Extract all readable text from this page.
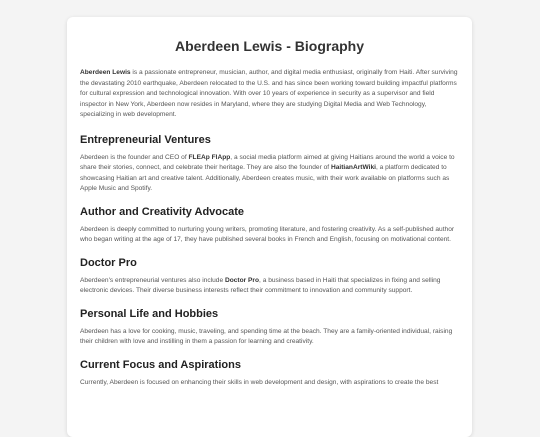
Aberdeen Lewis - Biography

Aberdeen Lewis is a passionate entrepreneur, musician, author, and digital media enthusiast, originally from Haiti. After surviving the devastating 2010 earthquake, Aberdeen relocated to the U.S. and has since been working toward building impactful platforms for cultural expression and technological innovation. With over 10 years of experience in security as a supervisor and field inspector in New York, Aberdeen now resides in Maryland, where they are studying Digital Media and Web Technology, specializing in web development.

Entrepreneurial Ventures

Aberdeen is the founder and CEO of FLEAp FlApp, a social media platform aimed at giving Haitians around the world a voice to share their stories, connect, and celebrate their heritage. They are also the founder of HaitianArtWiki, a platform dedicated to showcasing Haitian art and creative talent. Additionally, Aberdeen creates music, with their work available on platforms such as Apple Music and Spotify.

Author and Creativity Advocate

Aberdeen is deeply committed to nurturing young writers, promoting literature, and fostering creativity. As a self-published author who began writing at the age of 17, they have published several books in French and English, focusing on motivational content.

Doctor Pro

Aberdeen's entrepreneurial ventures also include Doctor Pro, a business based in Haiti that specializes in fixing and selling electronic devices. Their diverse business interests reflect their commitment to innovation and community support.

Personal Life and Hobbies

Aberdeen has a love for cooking, music, traveling, and spending time at the beach. They are a family-oriented individual, raising their children with love and instilling in them a passion for learning and creativity.

Current Focus and Aspirations

Currently, Aberdeen is focused on enhancing their skills in web development and design, with aspirations to create the best
